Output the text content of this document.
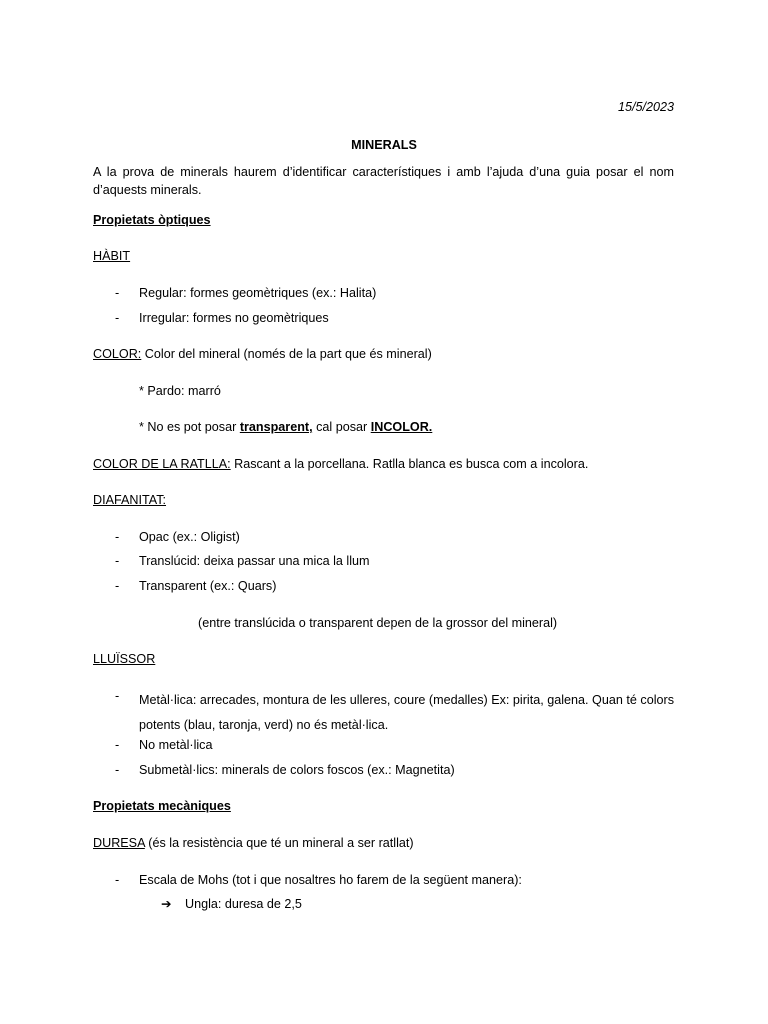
15/5/2023
MINERALS
A la prova de minerals haurem d’identificar característiques i amb l’ajuda d’una guia posar el nom d’aquests minerals.
Propietats òptiques
HÀBIT
- Regular: formes geomètriques (ex.: Halita)
- Irregular: formes no geomètriques
COLOR: Color del mineral (només de la part que és mineral)
* Pardo: marró
* No es pot posar transparent, cal posar INCOLOR.
COLOR DE LA RATLLA: Rascant a la porcellana. Ratlla blanca es busca com a incolora.
DIAFANITAT:
- Opac (ex.: Oligist)
- Translúcid: deixa passar una mica la llum
- Transparent (ex.: Quars)
(entre translúcida o transparent depen de la grossor del mineral)
LLUÏSSOR
- Metàl·lica: arrecades, montura de les ulleres, coure (medalles) Ex: pirita, galena. Quan té colors potents (blau, taronja, verd) no és metàl·lica.
- No metàl·lica
- Submetàl·lics: minerals de colors foscos (ex.: Magnetita)
Propietats mecàniques
DURESA (és la resistència que té un mineral a ser ratllat)
- Escala de Mohs (tot i que nosaltres ho farem de la següent manera):
➔ Ungla: duresa de 2,5
